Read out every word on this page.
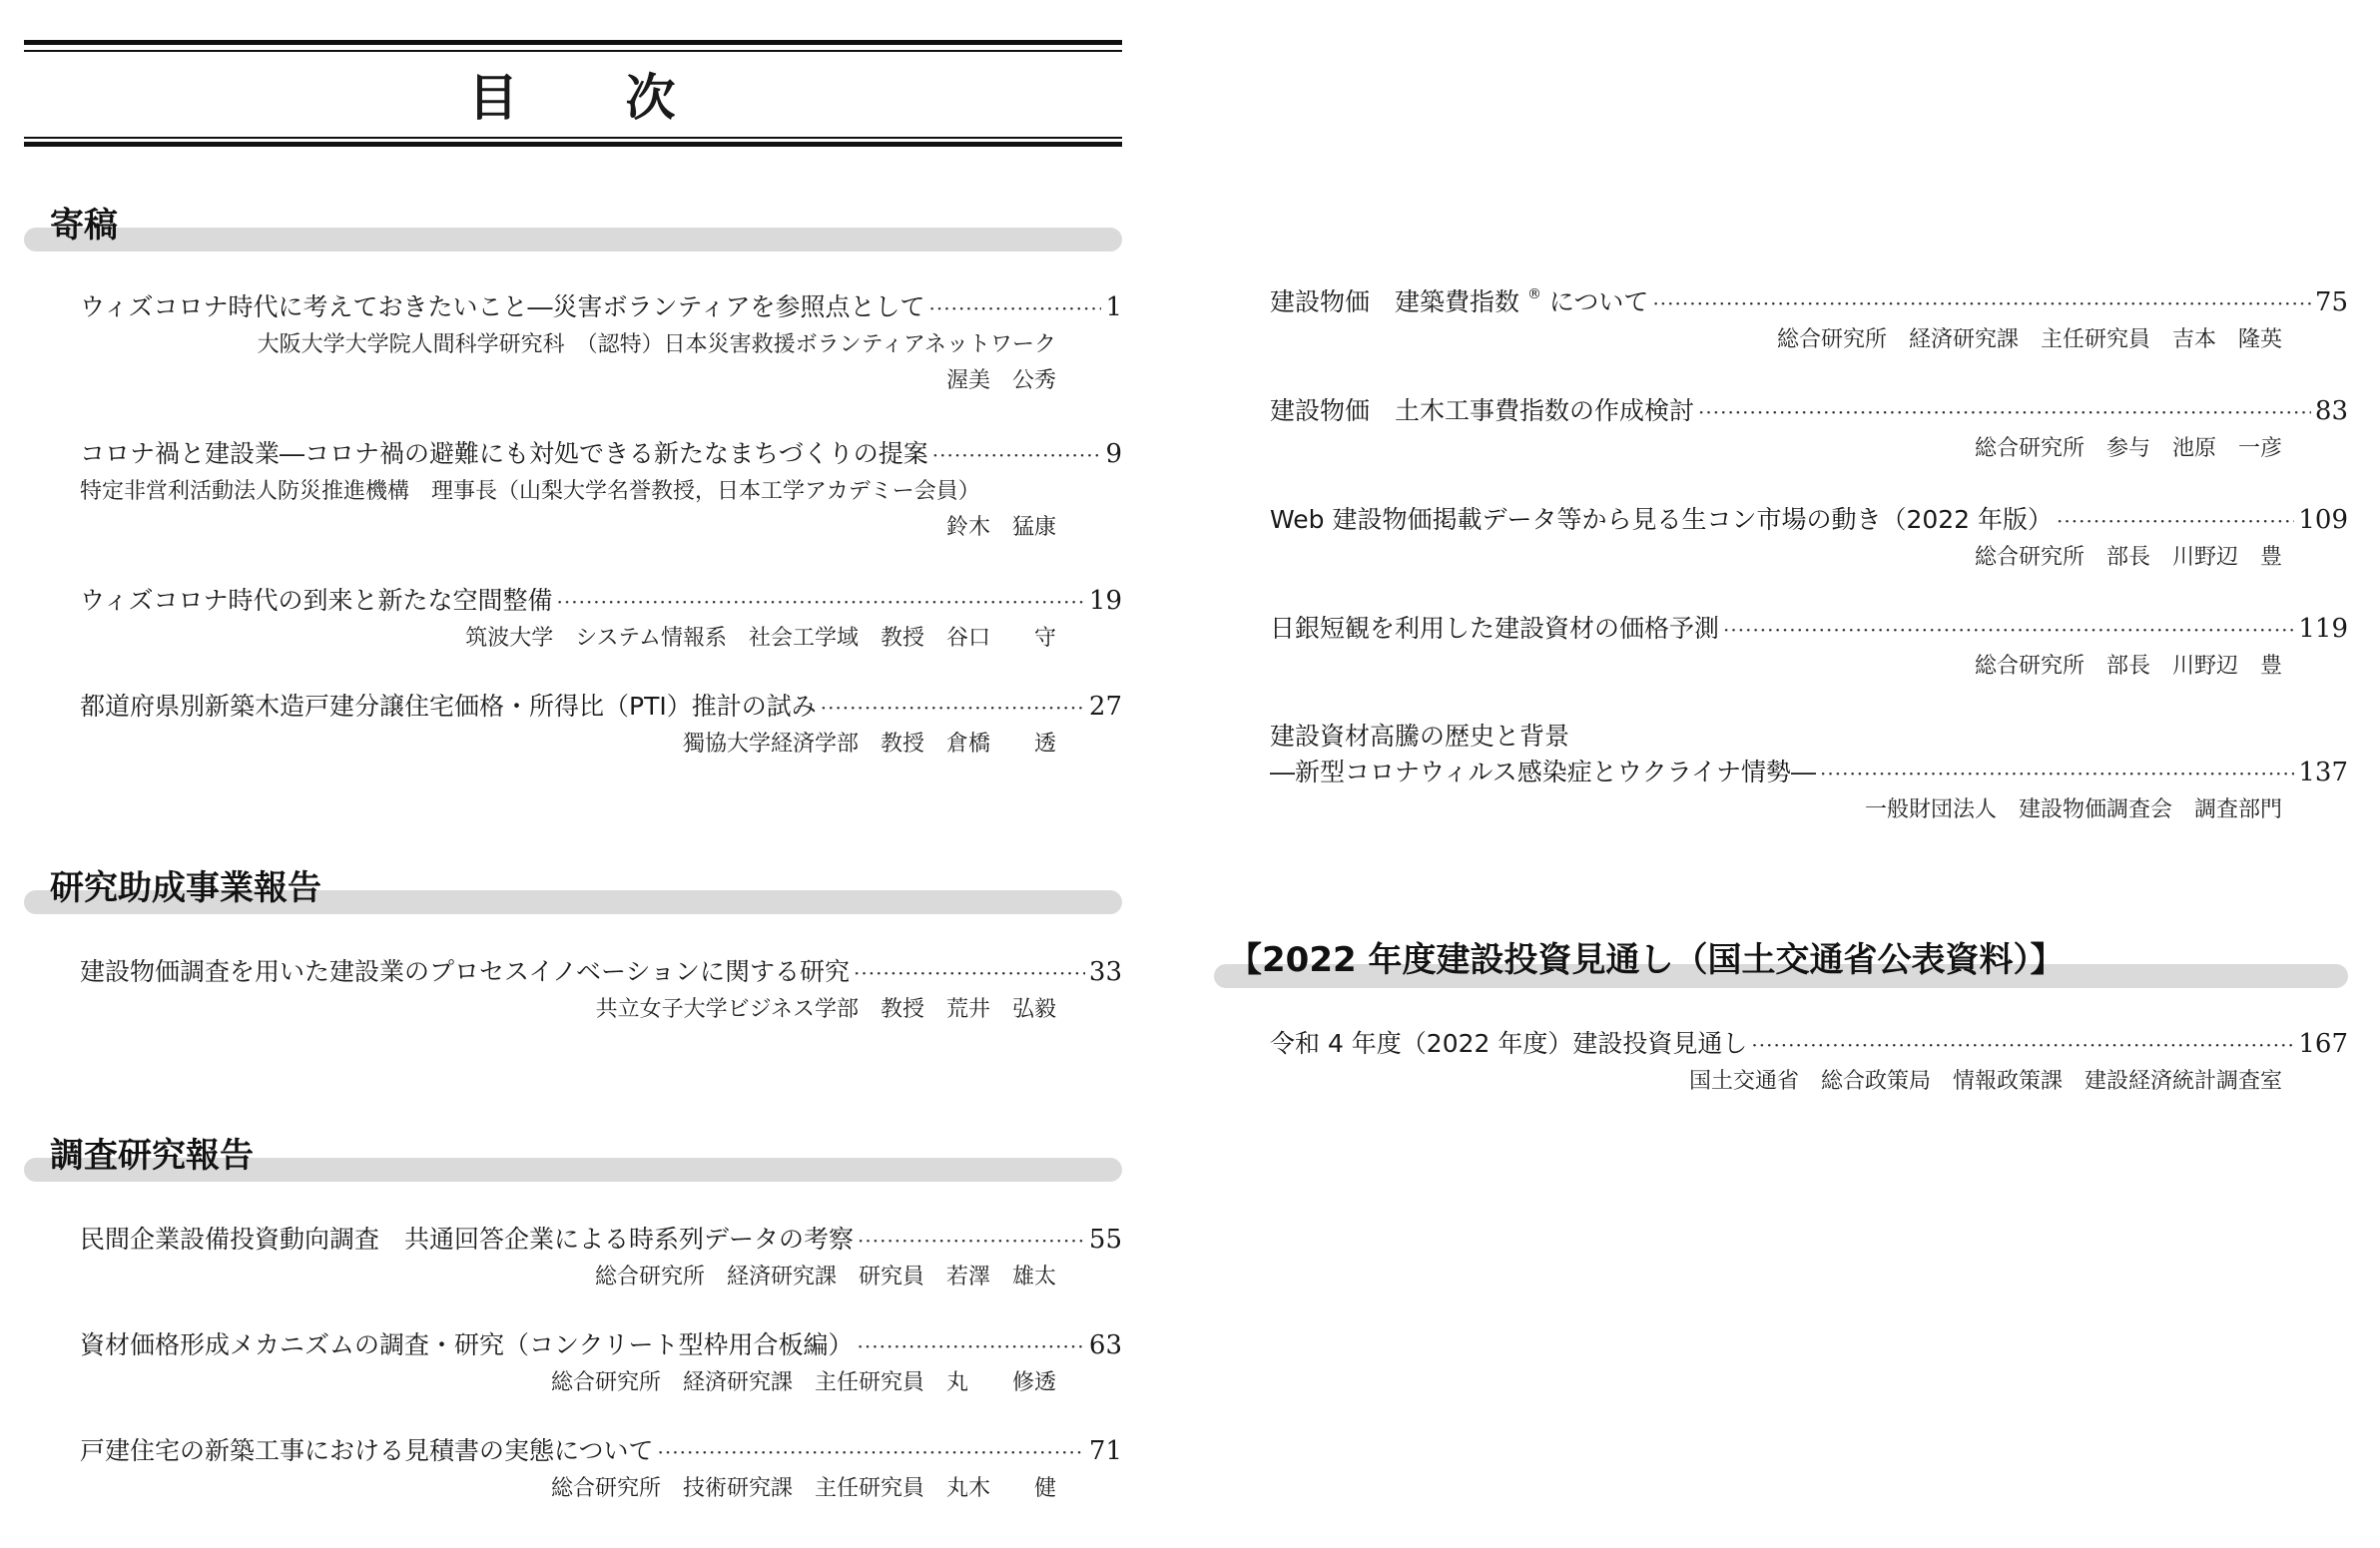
目　　次
寄稿
ウィズコロナ時代に考えておきたいこと―災害ボランティアを参照点として ·····	1
大阪大学大学院人間科学研究科　（認特）日本災害救援ボランティアネットワーク
渥美　公秀
コロナ禍と建設業―コロナ禍の避難にも対処できる新たなまちづくりの提案 ·····	9
特定非営利活動法人防災推進機構　理事長（山梨大学名誉教授，日本工学アカデミー会員）
鈴木　猛康
ウィズコロナ時代の到来と新たな空間整備 ·····	19
筑波大学　システム情報系　社会工学域　教授　谷口　　守
都道府県別新築木造戸建分譲住宅価格・所得比（PTI）推計の試み ·····	27
獨協大学経済学部　教授　倉橋　　透
研究助成事業報告
建設物価調査を用いた建設業のプロセスイノベーションに関する研究 ·····	33
共立女子大学ビジネス学部　教授　荒井　弘毅
調査研究報告
民間企業設備投資動向調査　共通回答企業による時系列データの考察 ·····	55
総合研究所　経済研究課　研究員　若澤　雄太
資材価格形成メカニズムの調査・研究（コンクリート型枠用合板編） ·····	63
総合研究所　経済研究課　主任研究員　丸　　修透
戸建住宅の新築工事における見積書の実態について ·····	71
総合研究所　技術研究課　主任研究員　丸木　　健
建設物価　建築費指数 ® について ·····	75
総合研究所　経済研究課　主任研究員　吉本　隆英
建設物価　土木工事費指数の作成検討 ·····	83
総合研究所　参与　池原　一彦
Web 建設物価掲載データ等から見る生コン市場の動き（2022 年版） ·····	109
総合研究所　部長　川野辺　豊
日銀短観を利用した建設資材の価格予測 ·····	119
総合研究所　部長　川野辺　豊
建設資材高騰の歴史と背景
―新型コロナウィルス感染症とウクライナ情勢― ·····	137
一般財団法人　建設物価調査会　調査部門
【2022 年度建設投資見通し（国土交通省公表資料）】
令和 4 年度（2022 年度）建設投資見通し ·····	167
国土交通省　総合政策局　情報政策課　建設経済統計調査室
